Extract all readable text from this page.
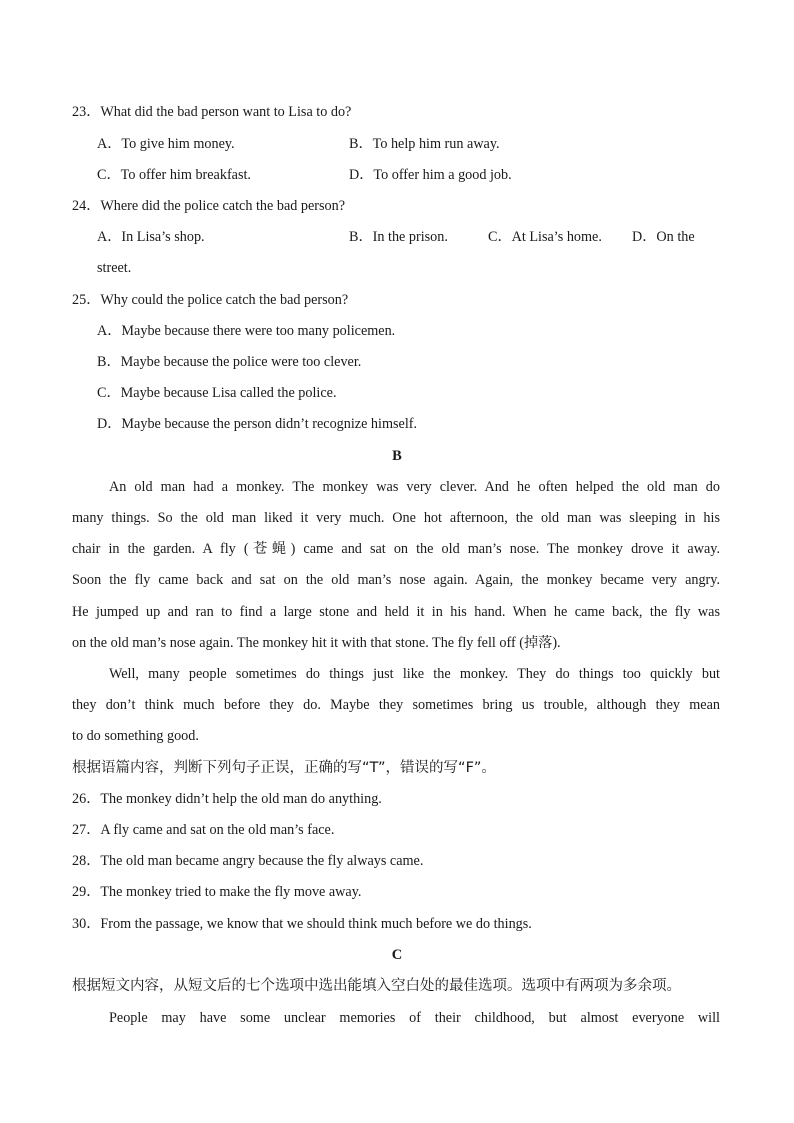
23．What did the bad person want to Lisa to do?
A．To give him money.	B．To help him run away.
C．To offer him breakfast.	D．To offer him a good job.
24．Where did the police catch the bad person?
A．In Lisa’s shop.	B．In the prison.	C．At Lisa’s home. D．On the
street.
25．Why could the police catch the bad person?
A．Maybe because there were too many policemen.
B．Maybe because the police were too clever.
C．Maybe because Lisa called the police.
D．Maybe because the person didn’t recognize himself.
B
An old man had a monkey. The monkey was very clever. And he often helped the old man do
many things. So the old man liked it very much. One hot afternoon, the old man was sleeping in his
chair in the garden. A fly (苍蝇) came and sat on the old man’s nose. The monkey drove it away.
Soon the fly came back and sat on the old man’s nose again. Again, the monkey became very angry.
He jumped up and ran to find a large stone and held it in his hand. When he came back, the fly was
on the old man’s nose again. The monkey hit it with that stone. The fly fell off (掉落).
Well, many people sometimes do things just like the monkey. They do things too quickly but
they don’t think much before they do. Maybe they sometimes bring us trouble, although they mean
to do something good.
根据语篇内容，判断下列句子正误，正确的写“T”，错误的写“F”。
26．The monkey didn’t help the old man do anything.
27．A fly came and sat on the old man’s face.
28．The old man became angry because the fly always came.
29．The monkey tried to make the fly move away.
30．From the passage, we know that we should think much before we do things.
C
根据短文内容，从短文后的七个选项中选出能填入空白处的最佳选项。选项中有两项为多余项。
People may have some unclear memories of their childhood, but almost everyone will
